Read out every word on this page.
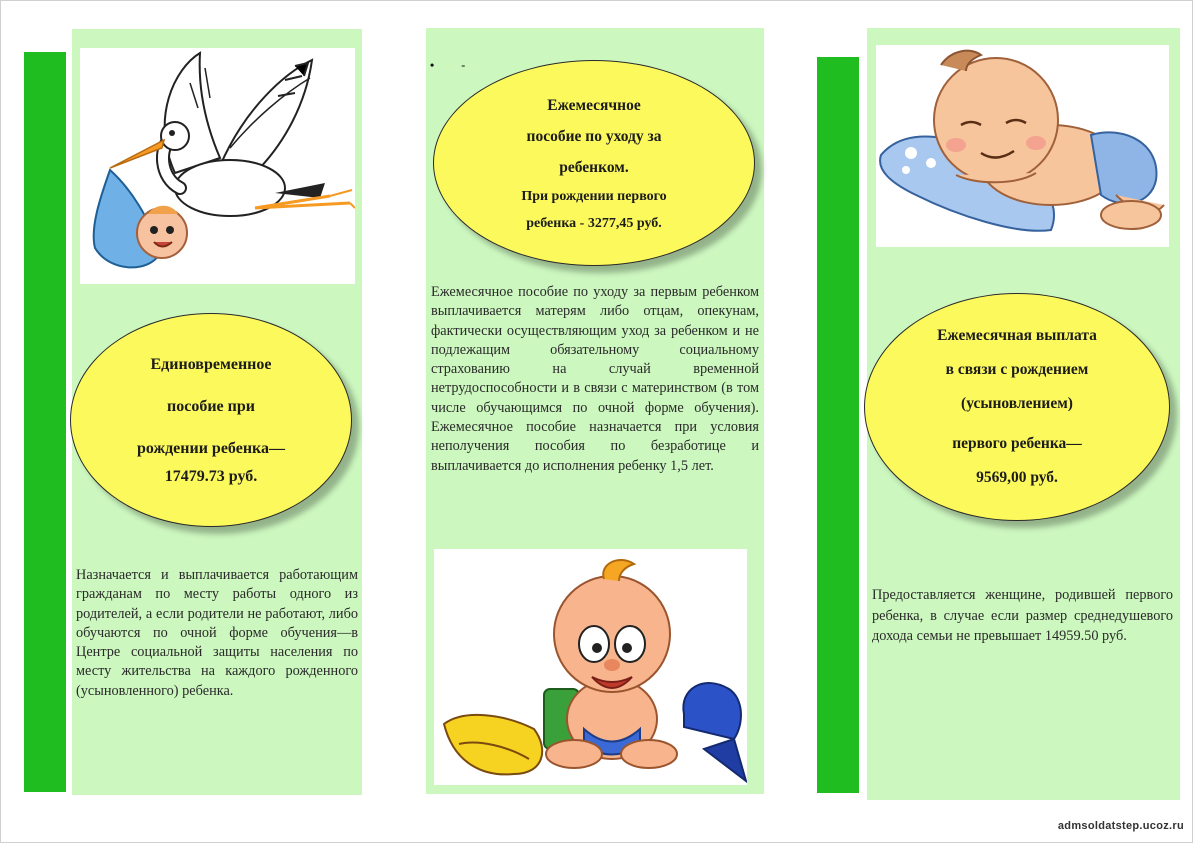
Единовременное
пособие при
рождении ребенка—
17479.73 руб.
Назначается и выплачивается работающим гражданам по месту работы одного из родителей, а если родители не работают, либо обучаются по очной форме обучения—в Центре социальной защиты населения по месту жительства на каждого рожденного (усыновленного) ребенка.
• -
Ежемесячное
пособие по уходу за
ребенком.
При рождении первого
ребенка - 3277,45 руб.
Ежемесячное пособие по уходу за первым ребенком выплачивается матерям либо отцам, опекунам, фактически осуществляющим уход за ребенком и не подлежащим обязательному социальному страхованию на случай временной нетрудоспособности и в связи с материнством (в том числе обучающимся по очной форме обучения). Ежемесячное пособие назначается при условия неполучения пособия по безработице и выплачивается до исполнения ребенку 1,5 лет.
Ежемесячная выплата
в связи с рождением
(усыновлением)
первого ребенка—
9569,00 руб.
Предоставляется женщине, родившей первого ребенка, в случае если размер среднедушевого дохода семьи не превышает 14959.50 руб.
admsoldatstep.ucoz.ru
